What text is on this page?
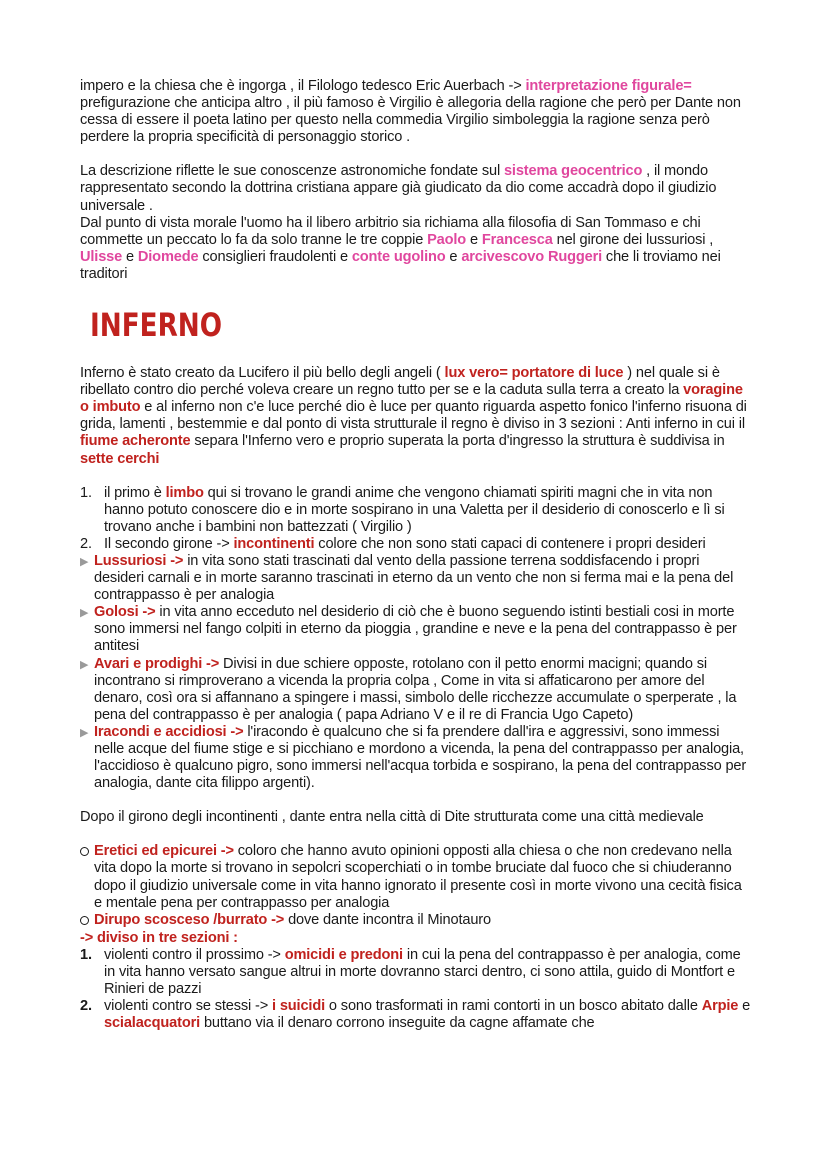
impero e la chiesa che è ingorga , il Filologo tedesco Eric Auerbach -> interpretazione figurale= prefigurazione che anticipa altro , il più famoso è Virgilio è allegoria della ragione che però per Dante non cessa di essere il poeta latino per questo nella commedia Virgilio simboleggia la ragione senza però perdere la propria specificità di personaggio storico .

La descrizione riflette le sue conoscenze astronomiche fondate sul sistema geocentrico , il mondo rappresentato secondo la dottrina cristiana appare già giudicato da dio come accadrà dopo il giudizio universale .

Dal punto di vista morale l'uomo ha il libero arbitrio sia richiama alla filosofia di San Tommaso e chi commette un peccato lo fa da solo tranne le tre coppie Paolo e Francesca nel girone dei lussuriosi , Ulisse e Diomede consiglieri fraudolenti e conte ugolino e arcivescovo Ruggeri che li troviamo nei traditori

INFERNO

Inferno è stato creato da Lucifero il più bello degli angeli ( lux vero= portatore di luce ) nel quale si è ribellato contro dio perché voleva creare un regno tutto per se e la caduta sulla terra a creato la voragine o imbuto e al inferno non c'e luce perché dio è luce per quanto riguarda aspetto fonico l'inferno risuona di grida, lamenti , bestemmie e dal ponto di vista strutturale il regno è diviso in 3 sezioni : Anti inferno in cui il fiume acheronte separa l'Inferno vero e proprio superata la porta d'ingresso la struttura è suddivisa in sette cerchi

1. il primo è limbo qui si trovano le grandi anime che vengono chiamati spiriti magni che in vita non hanno potuto conoscere dio e in morte sospirano in una Valetta per il desiderio di conoscerlo e lì si trovano anche i bambini non battezzati ( Virgilio )
2. Il secondo girone -> incontinenti colore che non sono stati capaci di contenere i propri desideri
▶ Lussuriosi -> in vita sono stati trascinati dal vento della passione terrena soddisfacendo i propri desideri carnali e in morte saranno trascinati in eterno da un vento che non si ferma mai e la pena del contrappasso è per analogia
▶ Golosi -> in vita anno ecceduto nel desiderio di ciò che è buono seguendo istinti bestiali cosi in morte sono immersi nel fango colpiti in eterno da pioggia , grandine e neve e la pena del contrappasso è per antitesi
▶ Avari e prodighi -> Divisi in due schiere opposte, rotolano con il petto enormi macigni; quando si incontrano si rimproverano a vicenda la propria colpa , Come in vita si affaticarono per amore del denaro, così ora si affannano a spingere i massi, simbolo delle ricchezze accumulate o sperperate , la pena del contrappasso è per analogia ( papa Adriano V e il re di Francia Ugo Capeto)
▶ Iracondi e accidiosi -> l'iracondo è qualcuno che si fa prendere dall'ira e aggressivi, sono immessi nelle acque del fiume stige e si picchiano e mordono a vicenda, la pena del contrappasso per analogia, l'accidioso è qualcuno pigro, sono immersi nell'acqua torbida e sospirano, la pena del contrappasso per analogia, dante cita filippo argenti).

Dopo il girono degli incontinenti , dante entra nella città di Dite strutturata come una città medievale

Eretici ed epicurei -> coloro che hanno avuto opinioni opposti alla chiesa o che non credevano nella vita dopo la morte si trovano in sepolcri scoperchiati o in tombe bruciate dal fuoco che si chiuderanno dopo il giudizio universale come in vita hanno ignorato il presente così in morte vivono una cecità fisica e mentale pena per contrappasso per analogia
Dirupo scosceso /burrato -> dove dante incontra il Minotauro

-> diviso in tre sezioni :

1. violenti contro il prossimo -> omicidi e predoni in cui la pena del contrappasso è per analogia, come in vita hanno versato sangue altrui in morte dovranno starci dentro, ci sono attila, guido di Montfort e Rinieri de pazzi
2. violenti contro se stessi -> i suicidi o sono trasformati in rami contorti in un bosco abitato dalle Arpie e scialacquatori buttano via il denaro corrono inseguite da cagne affamate che
